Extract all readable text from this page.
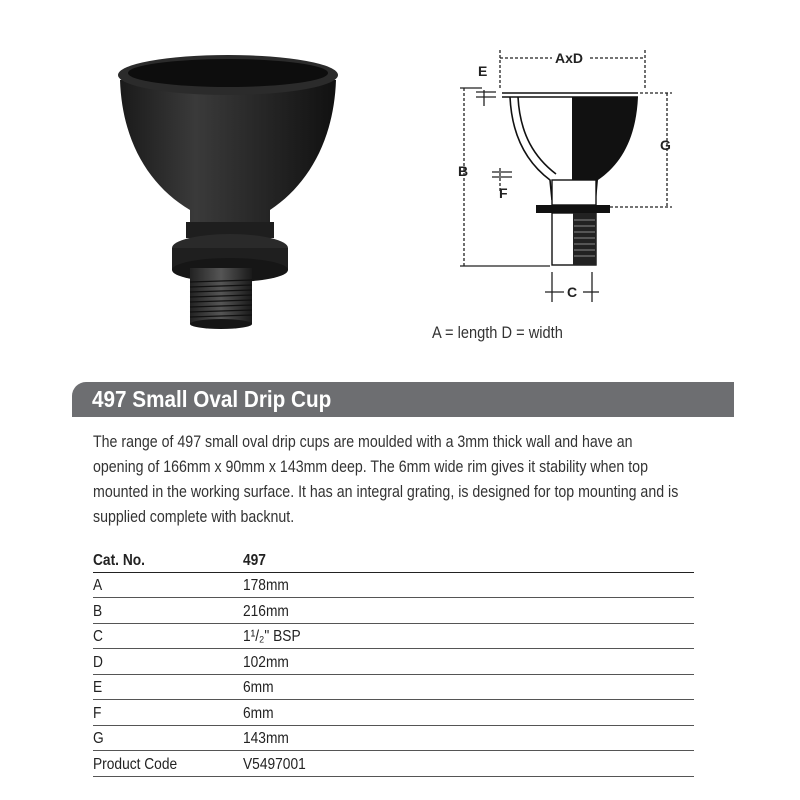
AxD
E
B
F
G
C
A = length D = width
497 Small Oval Drip Cup
The range of 497 small oval drip cups are moulded with a 3mm thick wall and have an opening of 166mm x 90mm x 143mm deep. The 6mm wide rim gives it stability when top mounted in the working surface. It has an integral grating, is designed for top mounting and is supplied complete with backnut.
Cat. No.	497
A	178mm
B	216mm
C	1¹/₂" BSP
D	102mm
E	6mm
F	6mm
G	143mm
Product Code	V5497001
